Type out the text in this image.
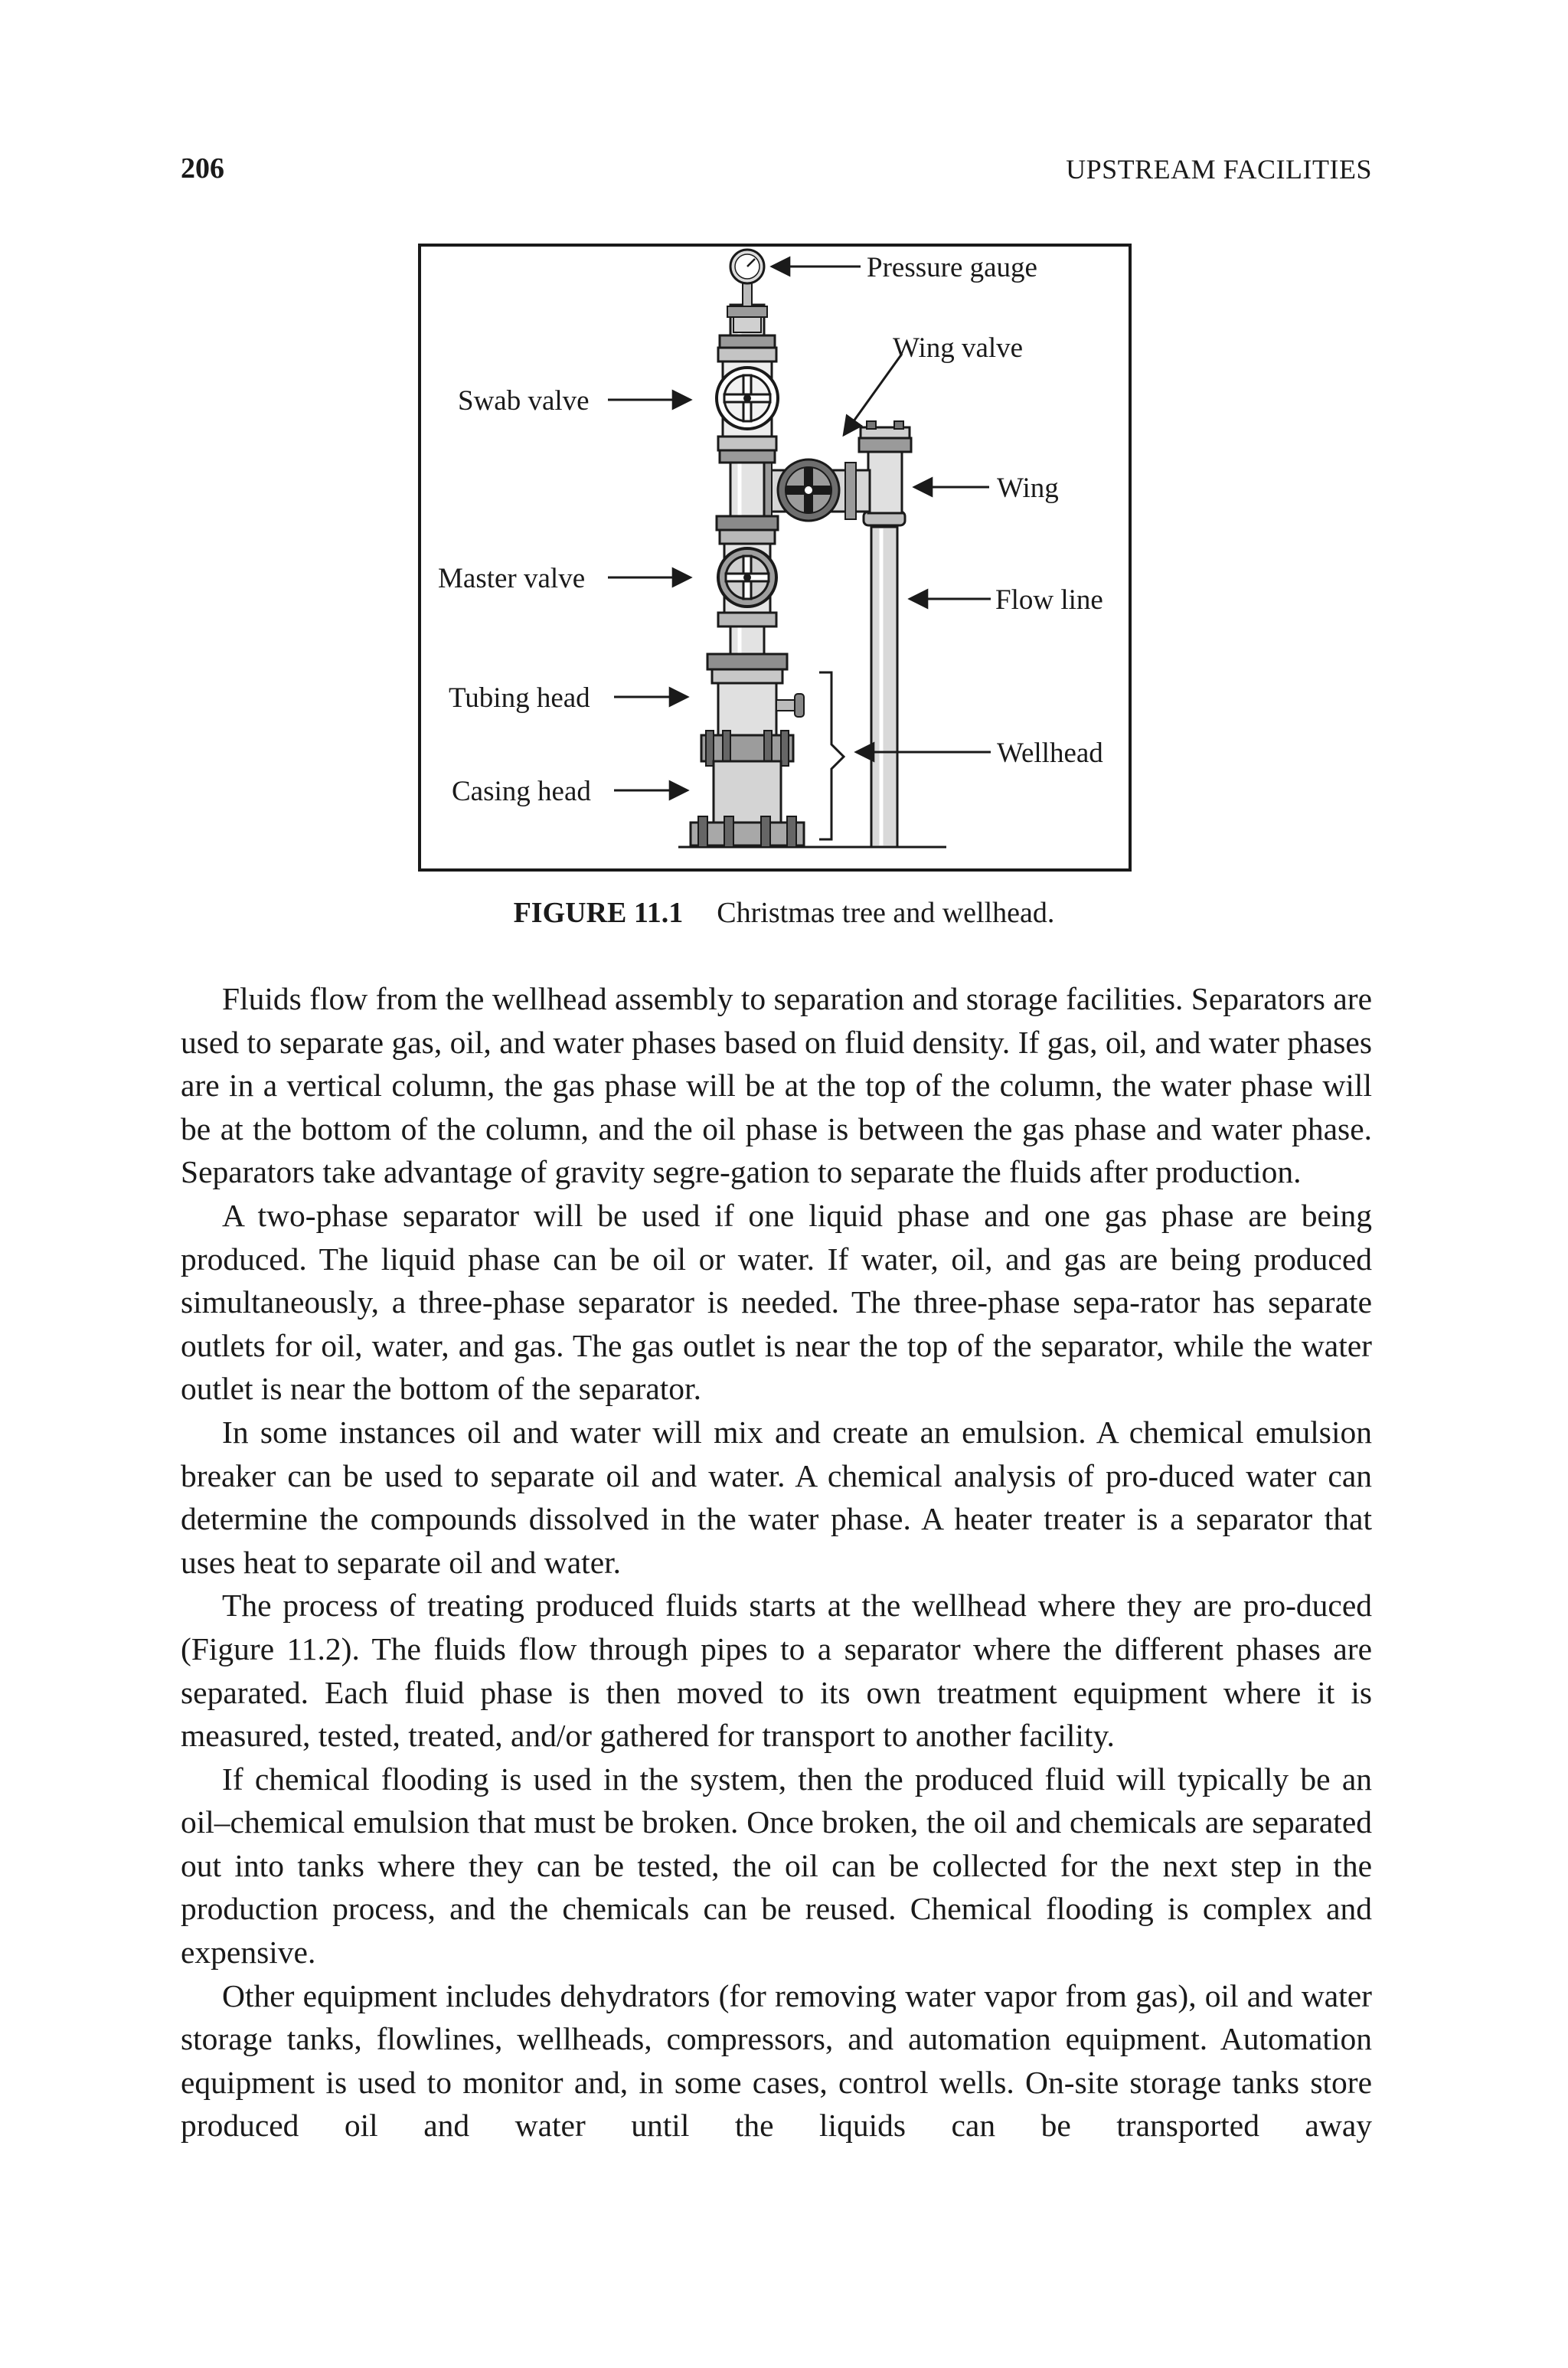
206	UPSTREAM FACILITIES
Pressure gauge
Wing valve
Swab valve
Wing
Master valve
Flow line
Tubing head
Wellhead
Casing head
FIGURE 11.1 Christmas tree and wellhead.

Fluids flow from the wellhead assembly to separation and storage facilities. Separators are used to separate gas, oil, and water phases based on fluid density. If gas, oil, and water phases are in a vertical column, the gas phase will be at the top of the column, the water phase will be at the bottom of the column, and the oil phase is between the gas phase and water phase. Separators take advantage of gravity segre-gation to separate the fluids after production.

A two-phase separator will be used if one liquid phase and one gas phase are being produced. The liquid phase can be oil or water. If water, oil, and gas are being produced simultaneously, a three-phase separator is needed. The three-phase sepa-rator has separate outlets for oil, water, and gas. The gas outlet is near the top of the separator, while the water outlet is near the bottom of the separator.

In some instances oil and water will mix and create an emulsion. A chemical emulsion breaker can be used to separate oil and water. A chemical analysis of pro-duced water can determine the compounds dissolved in the water phase. A heater treater is a separator that uses heat to separate oil and water.

The process of treating produced fluids starts at the wellhead where they are pro-duced (Figure 11.2). The fluids flow through pipes to a separator where the different phases are separated. Each fluid phase is then moved to its own treatment equipment where it is measured, tested, treated, and/or gathered for transport to another facility.

If chemical flooding is used in the system, then the produced fluid will typically be an oil–chemical emulsion that must be broken. Once broken, the oil and chemicals are separated out into tanks where they can be tested, the oil can be collected for the next step in the production process, and the chemicals can be reused. Chemical flooding is complex and expensive.

Other equipment includes dehydrators (for removing water vapor from gas), oil and water storage tanks, flowlines, wellheads, compressors, and automation equipment. Automation equipment is used to monitor and, in some cases, control wells. On-site storage tanks store produced oil and water until the liquids can be transported away
